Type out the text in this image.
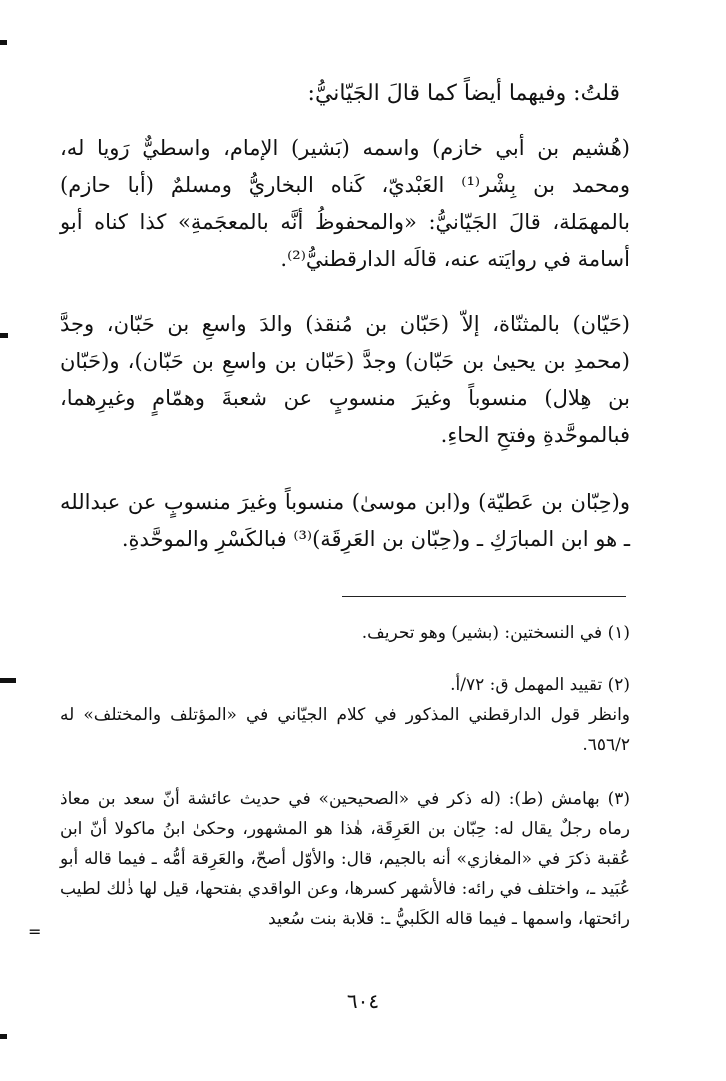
قلتُ: وفيهما أيضاً كما قالَ الجَيّانيُّ:

(هُشيم بن أبي خازم) واسمه (بَشير) الإمام، واسطيٌّ رَويا له، ومحمد بن بِشْر⁽¹⁾ العَبْديّ، كَناه البخاريُّ ومسلمٌ (أبا حازم) بالمهمَلة، قالَ الجَيّانيُّ: «والمحفوظُ أنَّه بالمعجَمةِ» كذا كناه أبو أسامة في روايَته عنه، قالَه الدارقطنيُّ⁽²⁾.

(حَيّان) بالمثنّاة، إلاّ (حَبّان بن مُنقذ) والدَ واسعِ بن حَبّان، وجدَّ (محمدِ بن يحيىٰ بن حَبّان) وجدَّ (حَبّان بن واسعِ بن حَبّان)، و(حَبّان بن هِلال) منسوباً وغيرَ منسوبٍ عن شعبةَ وهمّامٍ وغيرِهما، فبالموحَّدةِ وفتحِ الحاءِ.

و(حِبّان بن عَطيّة) و(ابن موسىٰ) منسوباً وغيرَ منسوبٍ عن عبدالله ـ هو ابن المبارَكِ ـ و(حِبّان بن العَرِقَة)⁽³⁾ فبالكَسْرِ والموحَّدةِ.

(١) في النسختين: (بشير) وهو تحريف.

(٢) تقييد المهمل ق: ٧٢/أ.

وانظر قول الدارقطني المذكور في كلام الجيّاني في «المؤتلف والمختلف» له ٦٥٦/٢.

(٣) بهامش (ط): (له ذكر في «الصحيحين» في حديث عائشة أنّ سعد بن معاذ رماه رجلٌ يقال له: حِبّان بن العَرِقَة، هٰذا هو المشهور، وحكىٰ ابنُ ماكولا أنّ ابن عُقبة ذكرَ في «المغازي» أنه بالجيم، قال: والأوّل أصحّ، والعَرِقة أمُّه ـ فيما قاله أبو عُبَيد ـ، واختلف في رائه: فالأشهر كسرها، وعن الواقدي بفتحها، قيل لها ذٰلك لطيب رائحتها، واسمها ـ فيما قاله الكَلبيُّ ـ: قلابة بنت سُعيد

=
٦٠٤
